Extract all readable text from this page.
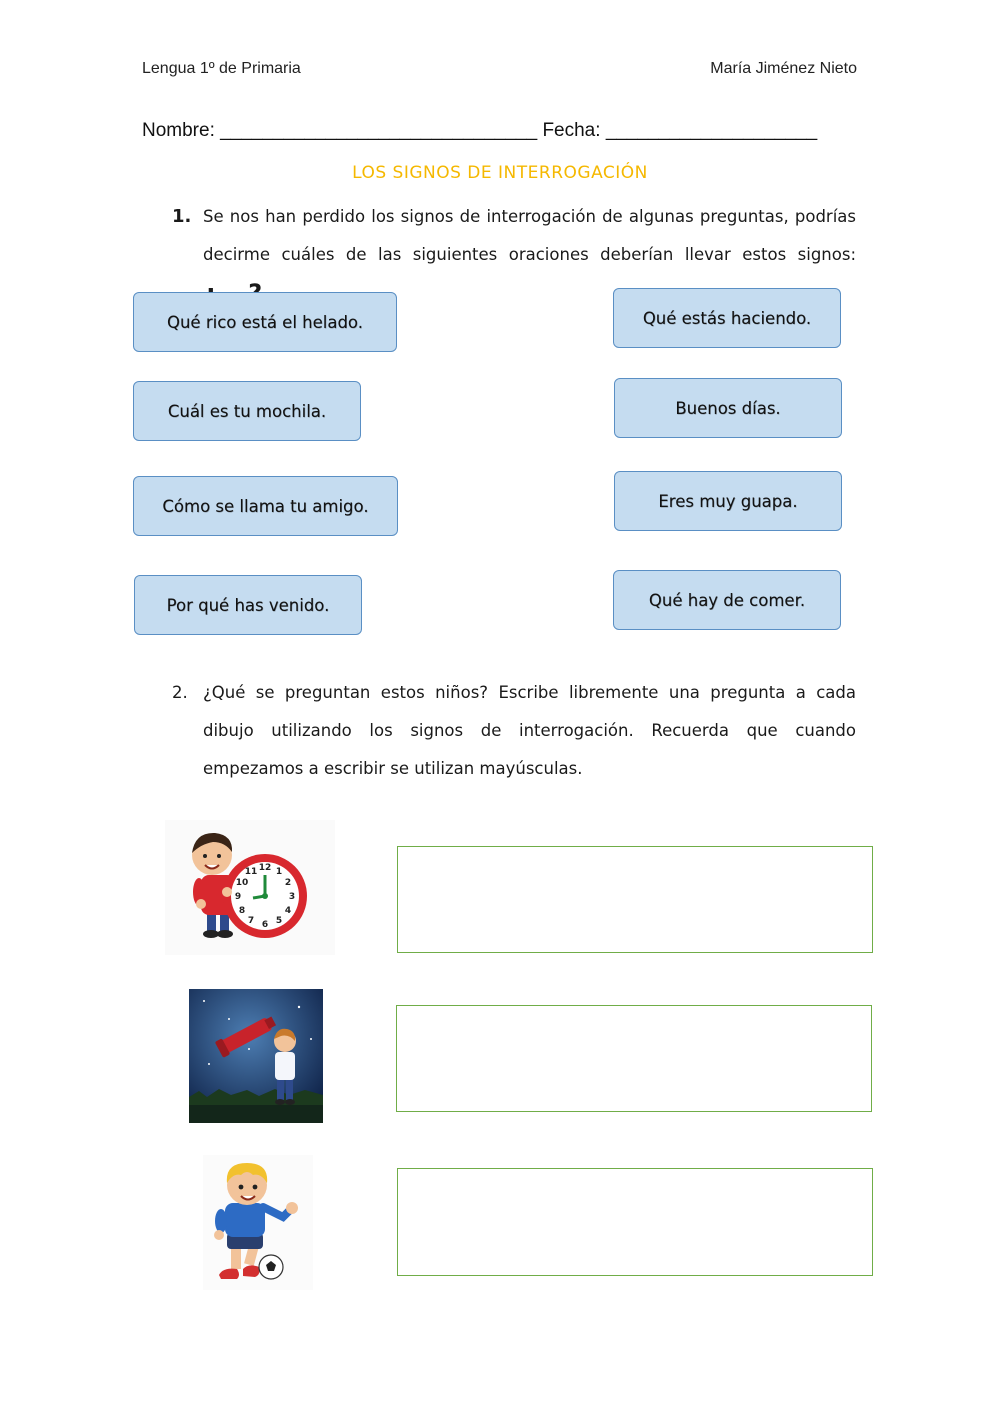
Lengua 1º de Primaria	María Jiménez Nieto
Nombre: ______________________________ Fecha: ____________________
LOS SIGNOS DE INTERROGACIÓN
1. Se nos han perdido los signos de interrogación de algunas preguntas, podrías decirme cuáles de las siguientes oraciones deberían llevar estos signos:
Qué rico está el helado.
Cuál es tu mochila.
Cómo se llama tu amigo.
Por qué has venido.
Qué estás haciendo.
Buenos días.
Eres muy guapa.
Qué hay de comer.
2. ¿Qué se preguntan estos niños? Escribe libremente una pregunta a cada dibujo utilizando los signos de interrogación. Recuerda que cuando empezamos a escribir se utilizan mayúsculas.
12 1
2
3
4
5
6
7
8
9
10
11
